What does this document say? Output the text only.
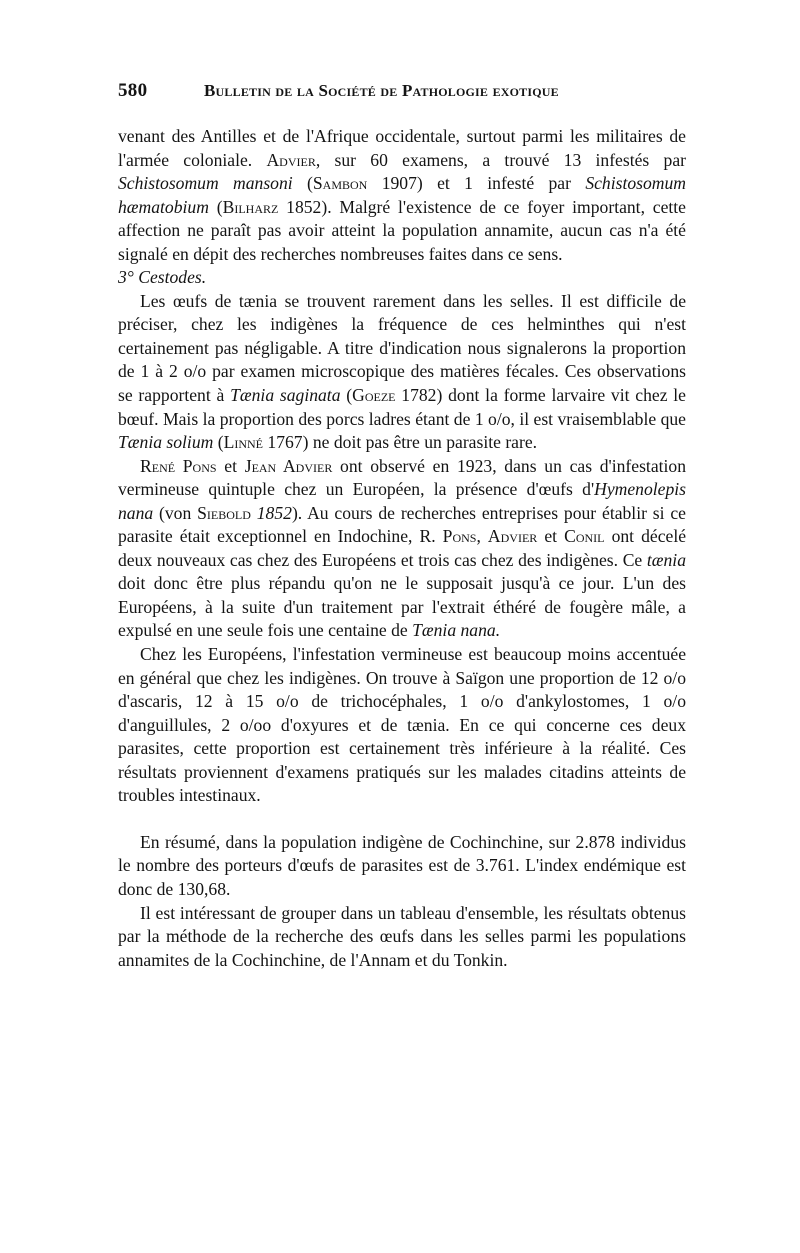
580	Bulletin de la Société de Pathologie exotique

venant des Antilles et de l'Afrique occidentale, surtout parmi les militaires de l'armée coloniale. Advier, sur 60 examens, a trouvé 13 infestés par Schistosomum mansoni (Sambon 1907) et 1 infesté par Schistosomum hæmatobium (Bilharz 1852). Malgré l'existence de ce foyer important, cette affection ne paraît pas avoir atteint la population annamite, aucun cas n'a été signalé en dépit des recherches nombreuses faites dans ce sens.

3° Cestodes.

Les œufs de tænia se trouvent rarement dans les selles. Il est difficile de préciser, chez les indigènes la fréquence de ces helminthes qui n'est certainement pas négligable. A titre d'indication nous signalerons la proportion de 1 à 2 o/o par examen microscopique des matières fécales. Ces observations se rapportent à Tænia saginata (Goeze 1782) dont la forme larvaire vit chez le bœuf. Mais la proportion des porcs ladres étant de 1 o/o, il est vraisemblable que Tænia solium (Linné 1767) ne doit pas être un parasite rare.

René Pons et Jean Advier ont observé en 1923, dans un cas d'infestation vermineuse quintuple chez un Européen, la présence d'œufs d'Hymenolepis nana (von Siebold 1852). Au cours de recherches entreprises pour établir si ce parasite était exceptionnel en Indochine, R. Pons, Advier et Conil ont décelé deux nouveaux cas chez des Européens et trois cas chez des indigènes. Ce tænia doit donc être plus répandu qu'on ne le supposait jusqu'à ce jour. L'un des Européens, à la suite d'un traitement par l'extrait éthéré de fougère mâle, a expulsé en une seule fois une centaine de Tænia nana.

Chez les Européens, l'infestation vermineuse est beaucoup moins accentuée en général que chez les indigènes. On trouve à Saïgon une proportion de 12 o/o d'ascaris, 12 à 15 o/o de trichocéphales, 1 o/o d'ankylostomes, 1 o/o d'anguillules, 2 o/oo d'oxyures et de tænia. En ce qui concerne ces deux parasites, cette proportion est certainement très inférieure à la réalité. Ces résultats proviennent d'examens pratiqués sur les malades citadins atteints de troubles intestinaux.

En résumé, dans la population indigène de Cochinchine, sur 2.878 individus le nombre des porteurs d'œufs de parasites est de 3.761. L'index endémique est donc de 130,68.

Il est intéressant de grouper dans un tableau d'ensemble, les résultats obtenus par la méthode de la recherche des œufs dans les selles parmi les populations annamites de la Cochinchine, de l'Annam et du Tonkin.
